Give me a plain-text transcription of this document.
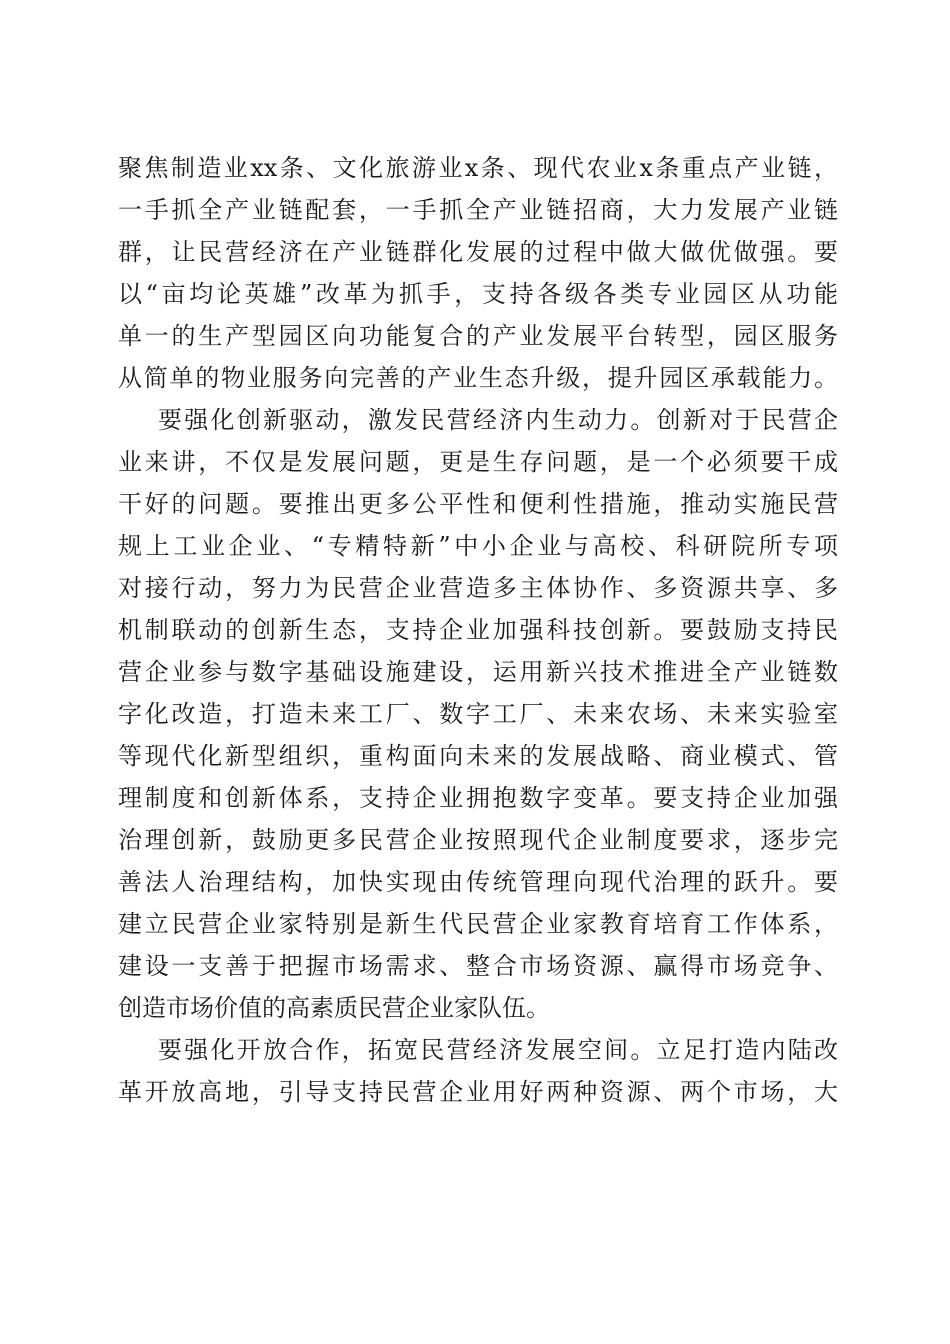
聚焦制造业xx条、文化旅游业x条、现代农业x条重点产业链，
一手抓全产业链配套，一手抓全产业链招商，大力发展产业链
群，让民营经济在产业链群化发展的过程中做大做优做强。要
以“亩均论英雄”改革为抓手，支持各级各类专业园区从功能
单一的生产型园区向功能复合的产业发展平台转型，园区服务
从简单的物业服务向完善的产业生态升级，提升园区承载能力。
要强化创新驱动，激发民营经济内生动力。创新对于民营企
业来讲，不仅是发展问题，更是生存问题，是一个必须要干成
干好的问题。要推出更多公平性和便利性措施，推动实施民营
规上工业企业、“专精特新”中小企业与高校、科研院所专项
对接行动，努力为民营企业营造多主体协作、多资源共享、多
机制联动的创新生态，支持企业加强科技创新。要鼓励支持民
营企业参与数字基础设施建设，运用新兴技术推进全产业链数
字化改造，打造未来工厂、数字工厂、未来农场、未来实验室
等现代化新型组织，重构面向未来的发展战略、商业模式、管
理制度和创新体系，支持企业拥抱数字变革。要支持企业加强
治理创新，鼓励更多民营企业按照现代企业制度要求，逐步完
善法人治理结构，加快实现由传统管理向现代治理的跃升。要
建立民营企业家特别是新生代民营企业家教育培育工作体系，
建设一支善于把握市场需求、整合市场资源、赢得市场竞争、
创造市场价值的高素质民营企业家队伍。
要强化开放合作，拓宽民营经济发展空间。立足打造内陆改
革开放高地，引导支持民营企业用好两种资源、两个市场，大
